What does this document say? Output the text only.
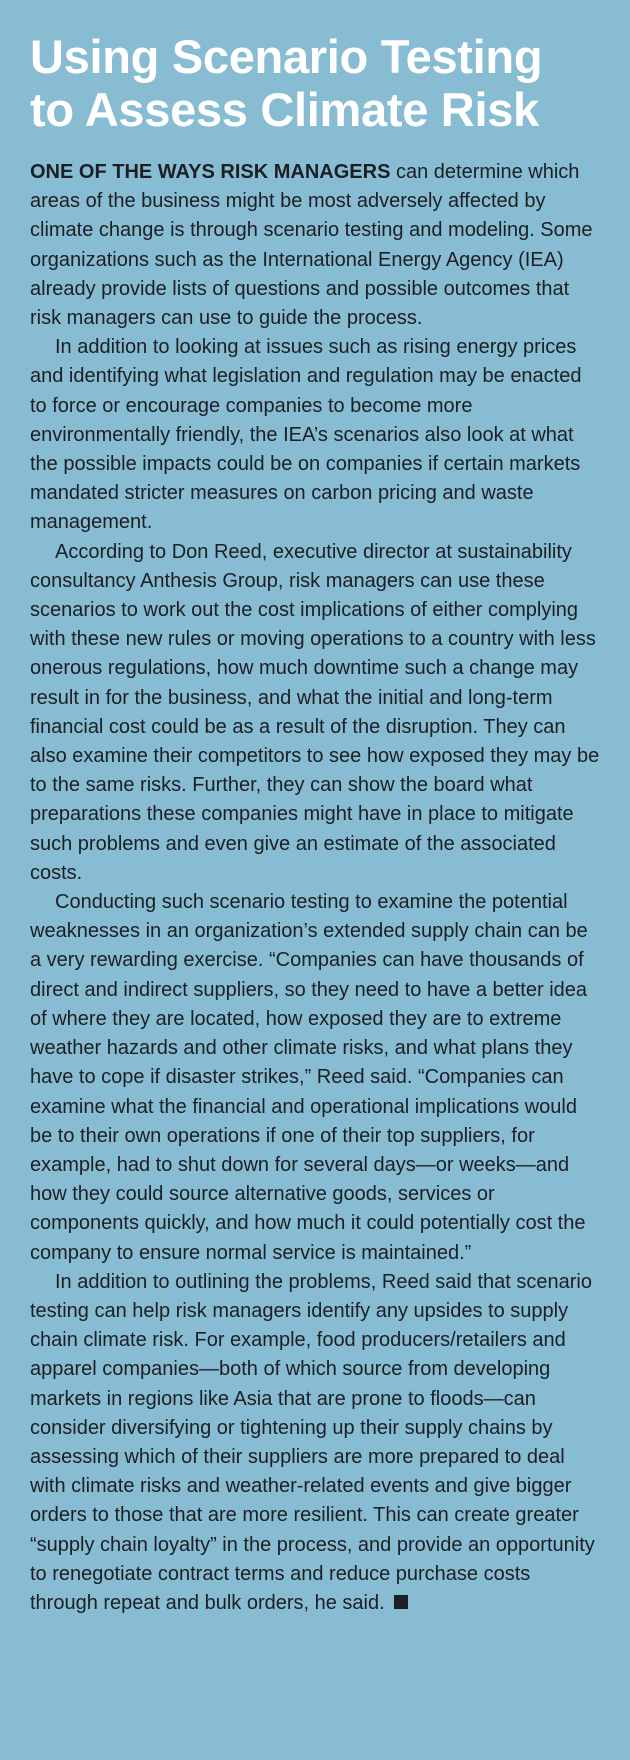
Using Scenario Testing
to Assess Climate Risk

ONE OF THE WAYS RISK MANAGERS can determine which areas of the business might be most adversely affected by climate change is through scenario testing and modeling. Some organizations such as the International Energy Agency (IEA) already provide lists of questions and possible outcomes that risk managers can use to guide the process.

In addition to looking at issues such as rising energy prices and identifying what legislation and regulation may be enacted to force or encourage companies to become more environmentally friendly, the IEA’s scenarios also look at what the possible impacts could be on companies if certain markets mandated stricter measures on carbon pricing and waste management.

According to Don Reed, executive director at sustainability consultancy Anthesis Group, risk managers can use these scenarios to work out the cost implications of either complying with these new rules or moving operations to a country with less onerous regulations, how much downtime such a change may result in for the business, and what the initial and long-term financial cost could be as a result of the disruption. They can also examine their competitors to see how exposed they may be to the same risks. Further, they can show the board what preparations these companies might have in place to mitigate such problems and even give an estimate of the associated costs.

Conducting such scenario testing to examine the potential weaknesses in an organization’s extended supply chain can be a very rewarding exercise. “Companies can have thousands of direct and indirect suppliers, so they need to have a better idea of where they are located, how exposed they are to extreme weather hazards and other climate risks, and what plans they have to cope if disaster strikes,” Reed said. “Companies can examine what the financial and operational implications would be to their own operations if one of their top suppliers, for example, had to shut down for several days—or weeks—and how they could source alternative goods, services or components quickly, and how much it could potentially cost the company to ensure normal service is maintained.”

In addition to outlining the problems, Reed said that scenario testing can help risk managers identify any upsides to supply chain climate risk. For example, food producers/retailers and apparel companies—both of which source from developing markets in regions like Asia that are prone to floods—can consider diversifying or tightening up their supply chains by assessing which of their suppliers are more prepared to deal with climate risks and weather-related events and give bigger orders to those that are more resilient. This can create greater “supply chain loyalty” in the process, and provide an opportunity to renegotiate contract terms and reduce purchase costs through repeat and bulk orders, he said.
